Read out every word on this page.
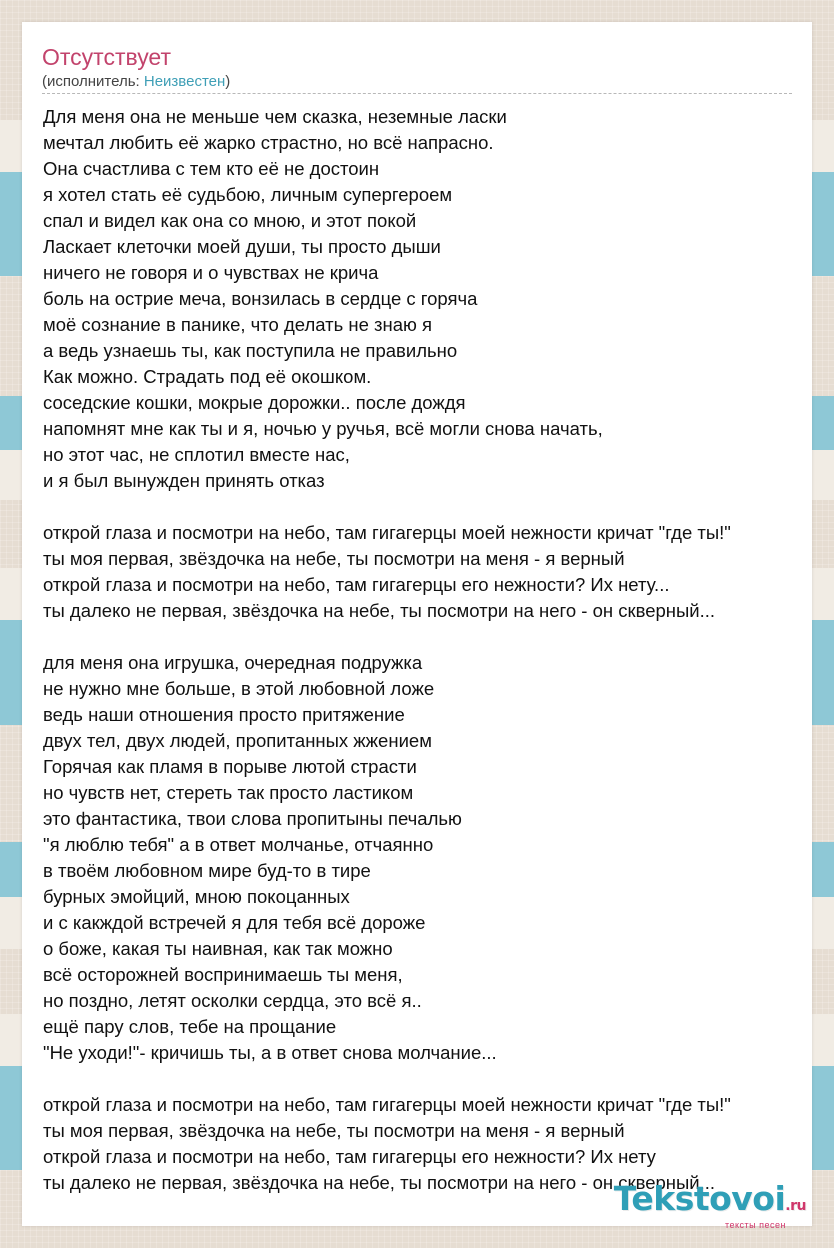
Отсутствует
(исполнитель: Неизвестен)
Для меня она не меньше чем сказка, неземные ласки
мечтал любить её жарко страстно, но всё напрасно.
Она счастлива с тем кто её не достоин
я хотел стать её судьбою, личным супергероем
спал и видел как она со мною, и этот покой
Ласкает клеточки моей души, ты просто дыши
ничего не говоря и о чувствах не крича
боль на острие меча, вонзилась в сердце с горяча
моё сознание в панике, что делать не знаю я
а ведь узнаешь ты, как поступила не правильно
Как можно. Страдать под её окошком.
соседские кошки, мокрые дорожки.. после дождя
напомнят мне как ты и я, ночью у ручья, всё могли снова начать,
но этот час, не сплотил вместе нас,
и я был вынужден принять отказ
открой глаза и посмотри на небо, там гигагерцы моей нежности кричат "где ты!"
ты моя первая, звёздочка на небе, ты посмотри на меня - я верный
открой глаза и посмотри на небо, там гигагерцы его нежности? Их нету...
ты далеко не первая, звёздочка на небе, ты посмотри на него - он скверный...
для меня она игрушка, очередная подружка
не нужно мне больше, в этой любовной ложе
ведь наши отношения просто притяжение
двух тел, двух людей, пропитанных жжением
Горячая как пламя в порыве лютой страсти
но чувств нет, стереть так просто ластиком
это фантастика, твои слова пропитыны печалью
"я люблю тебя" а в ответ молчанье, отчаянно
в твоём любовном мире буд-то в тире
бурных эмойций, мною покоцанных
и с какждой встречей я для тебя всё дороже
о боже, какая ты наивная, как так можно
всё осторожней воспринимаешь ты меня,
но поздно, летят осколки сердца, это всё я..
ещё пару слов, тебе на прощание
"Не уходи!"- кричишь ты, а в ответ снова молчание...
открой глаза и посмотри на небо, там гигагерцы моей нежности кричат "где ты!"
ты моя первая, звёздочка на небе, ты посмотри на меня - я верный
открой глаза и посмотри на небо, там гигагерцы его нежности? Их нету
ты далеко не первая, звёздочка на небе, ты посмотри на него - он скверный...
Tekstovoi.ru
тексты песен
